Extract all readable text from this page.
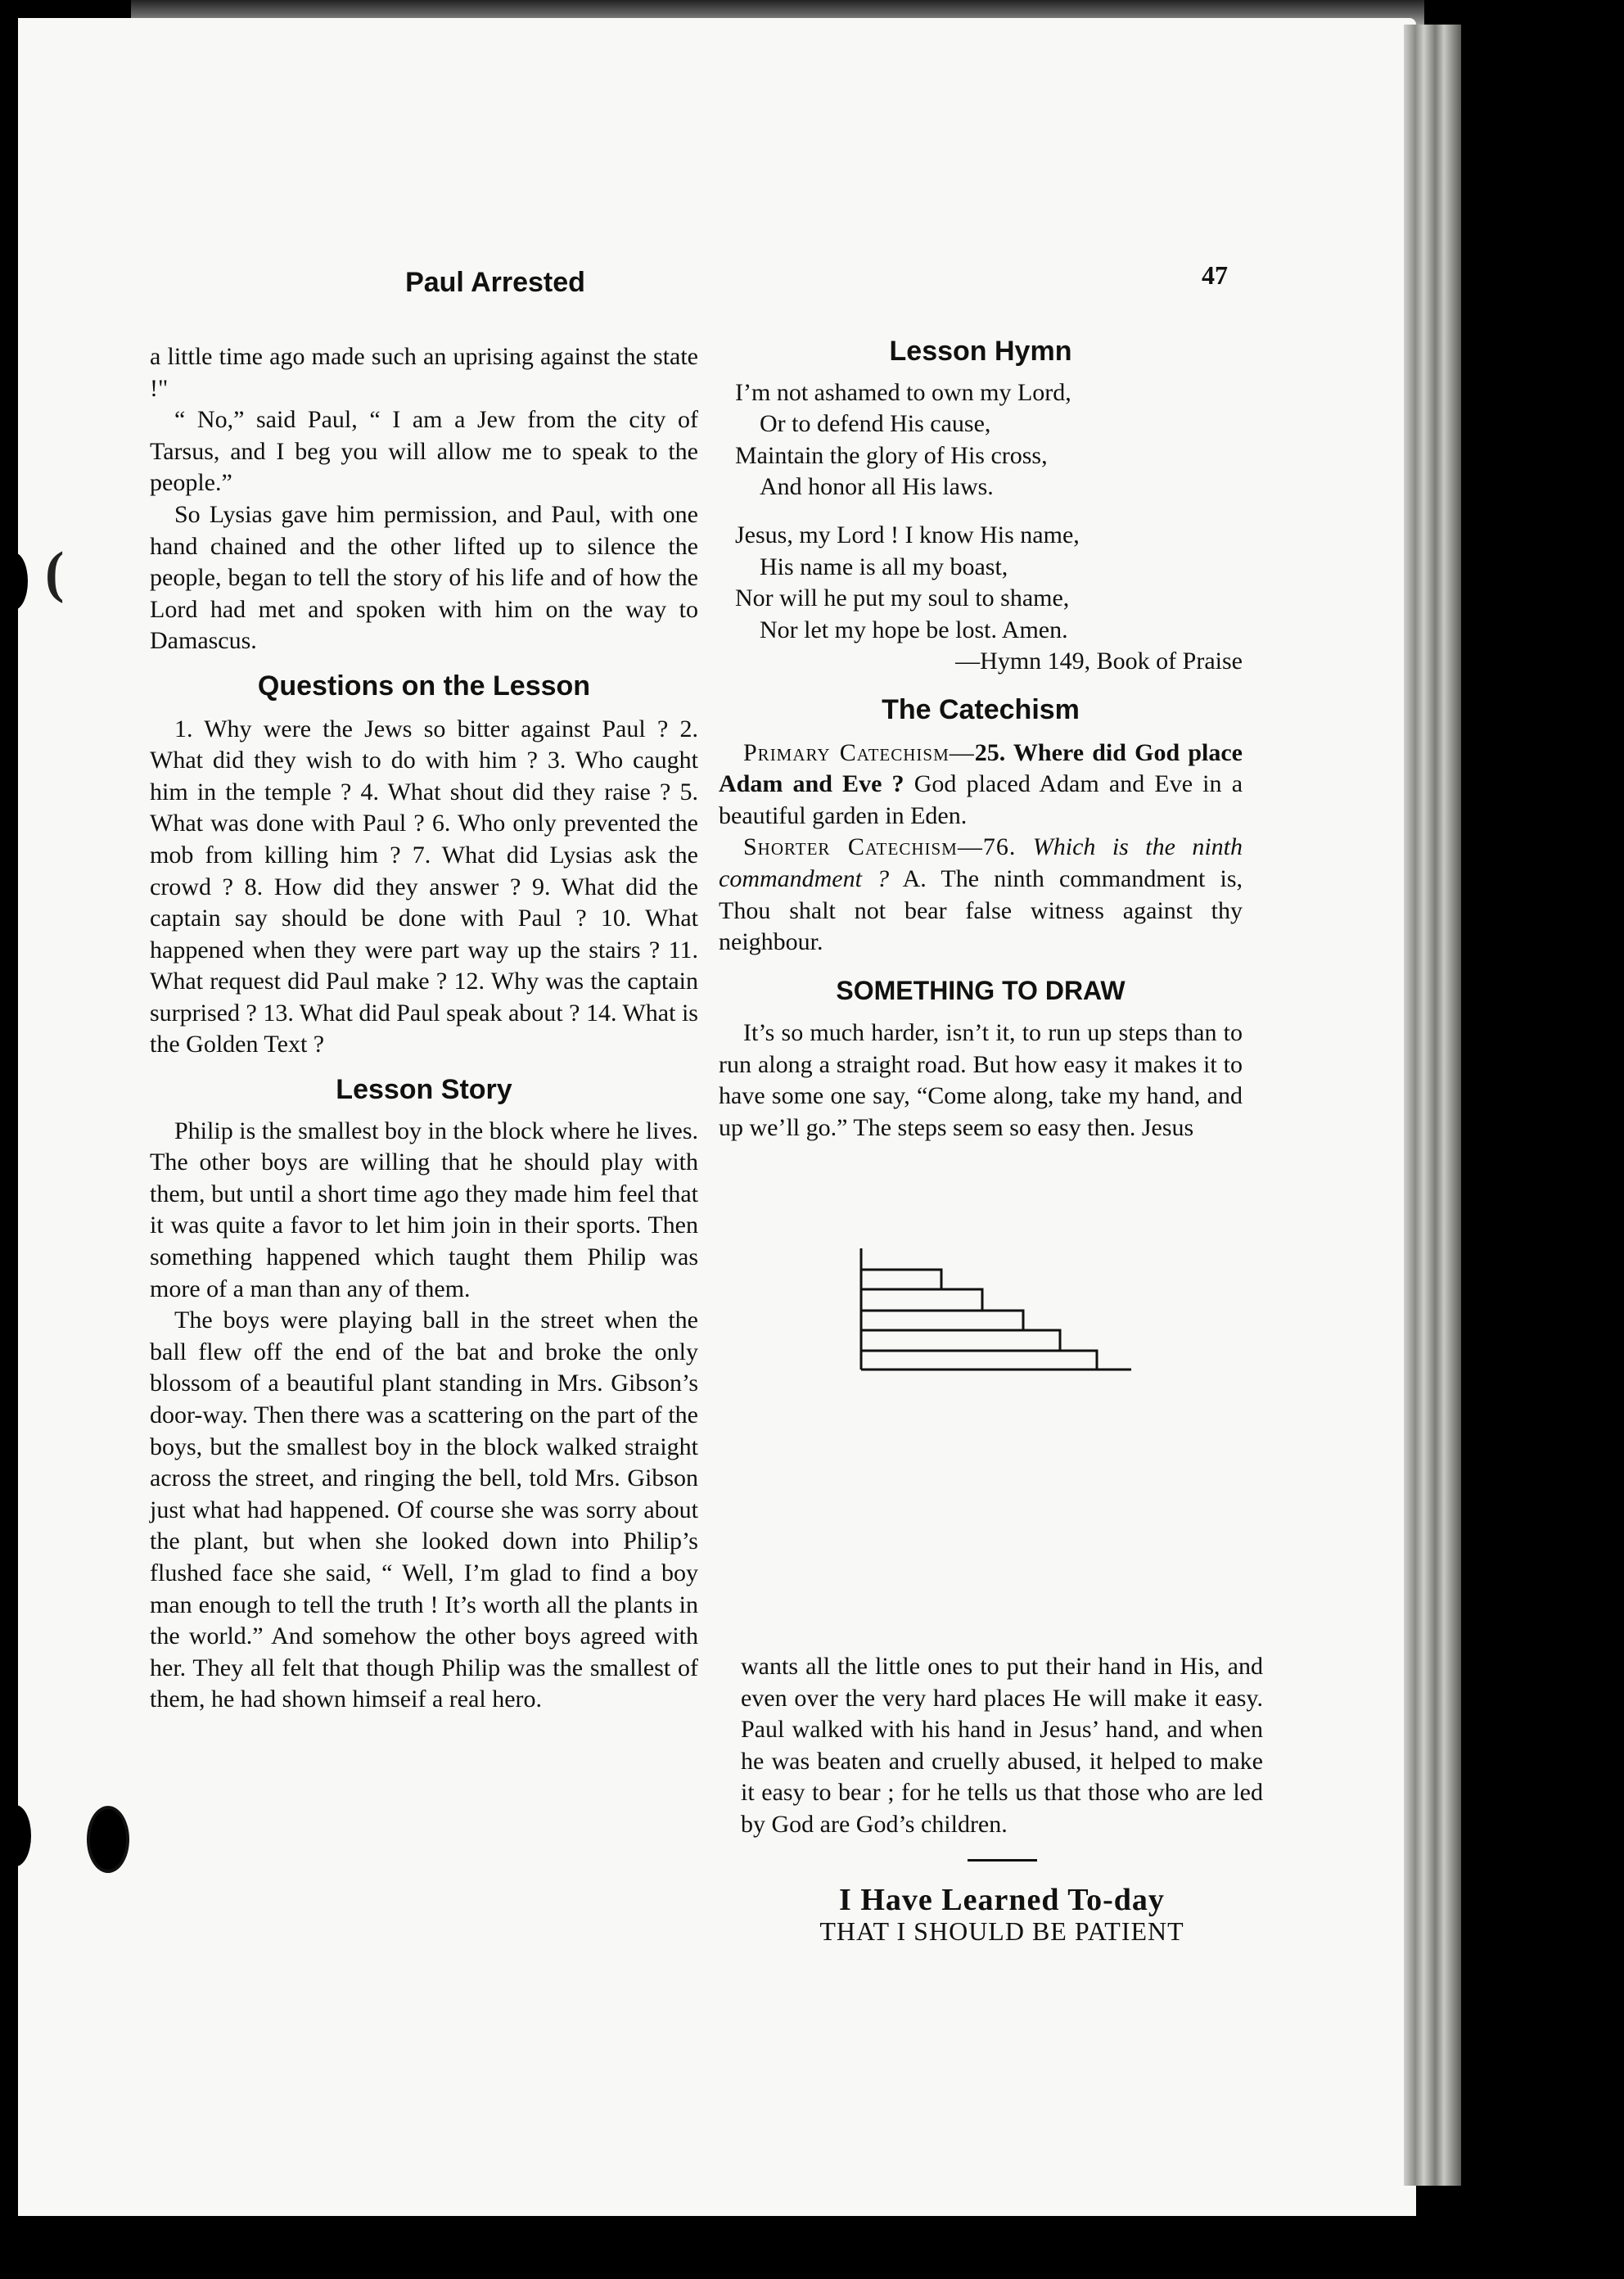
(
Paul Arrested	47

a little time ago made such an uprising against the state !"

“ No,” said Paul, “ I am a Jew from the city of Tarsus, and I beg you will allow me to speak to the people.”

So Lysias gave him permission, and Paul, with one hand chained and the other lifted up to silence the people, began to tell the story of his life and of how the Lord had met and spoken with him on the way to Damascus.

Questions on the Lesson

1. Why were the Jews so bitter against Paul ? 2. What did they wish to do with him ? 3. Who caught him in the temple ? 4. What shout did they raise ? 5. What was done with Paul ? 6. Who only prevented the mob from killing him ? 7. What did Lysias ask the crowd ? 8. How did they answer ? 9. What did the captain say should be done with Paul ? 10. What happened when they were part way up the stairs ? 11. What request did Paul make ? 12. Why was the captain surprised ? 13. What did Paul speak about ? 14. What is the Golden Text ?

Lesson Story

Philip is the smallest boy in the block where he lives. The other boys are willing that he should play with them, but until a short time ago they made him feel that it was quite a favor to let him join in their sports. Then something happened which taught them Philip was more of a man than any of them.

The boys were playing ball in the street when the ball flew off the end of the bat and broke the only blossom of a beautiful plant standing in Mrs. Gibson’s door-way. Then there was a scattering on the part of the boys, but the smallest boy in the block walked straight across the street, and ringing the bell, told Mrs. Gibson just what had happened. Of course she was sorry about the plant, but when she looked down into Philip’s flushed face she said, “ Well, I’m glad to find a boy man enough to tell the truth ! It’s worth all the plants in the world.” And somehow the other boys agreed with her. They all felt that though Philip was the smallest of them, he had shown himseif a real hero.

Lesson Hymn
I’m not ashamed to own my Lord,
Or to defend His cause,
Maintain the glory of His cross,
And honor all His laws.
Jesus, my Lord ! I know His name,
His name is all my boast,
Nor will he put my soul to shame,
Nor let my hope be lost. Amen.
—Hymn 149, Book of Praise
The Catechism

Primary Catechism—25. Where did God place Adam and Eve ? God placed Adam and Eve in a beautiful garden in Eden.

Shorter Catechism—76. Which is the ninth commandment ? A. The ninth commandment is, Thou shalt not bear false witness against thy neighbour.

SOMETHING TO DRAW

It’s so much harder, isn’t it, to run up steps than to run along a straight road. But how easy it makes it to have some one say, “Come along, take my hand, and up we’ll go.” The steps seem so easy then. Jesus

wants all the little ones to put their hand in His, and even over the very hard places He will make it easy. Paul walked with his hand in Jesus’ hand, and when he was beaten and cruelly abused, it helped to make it easy to bear ; for he tells us that those who are led by God are God’s children.

I Have Learned To-day
THAT I SHOULD BE PATIENT
